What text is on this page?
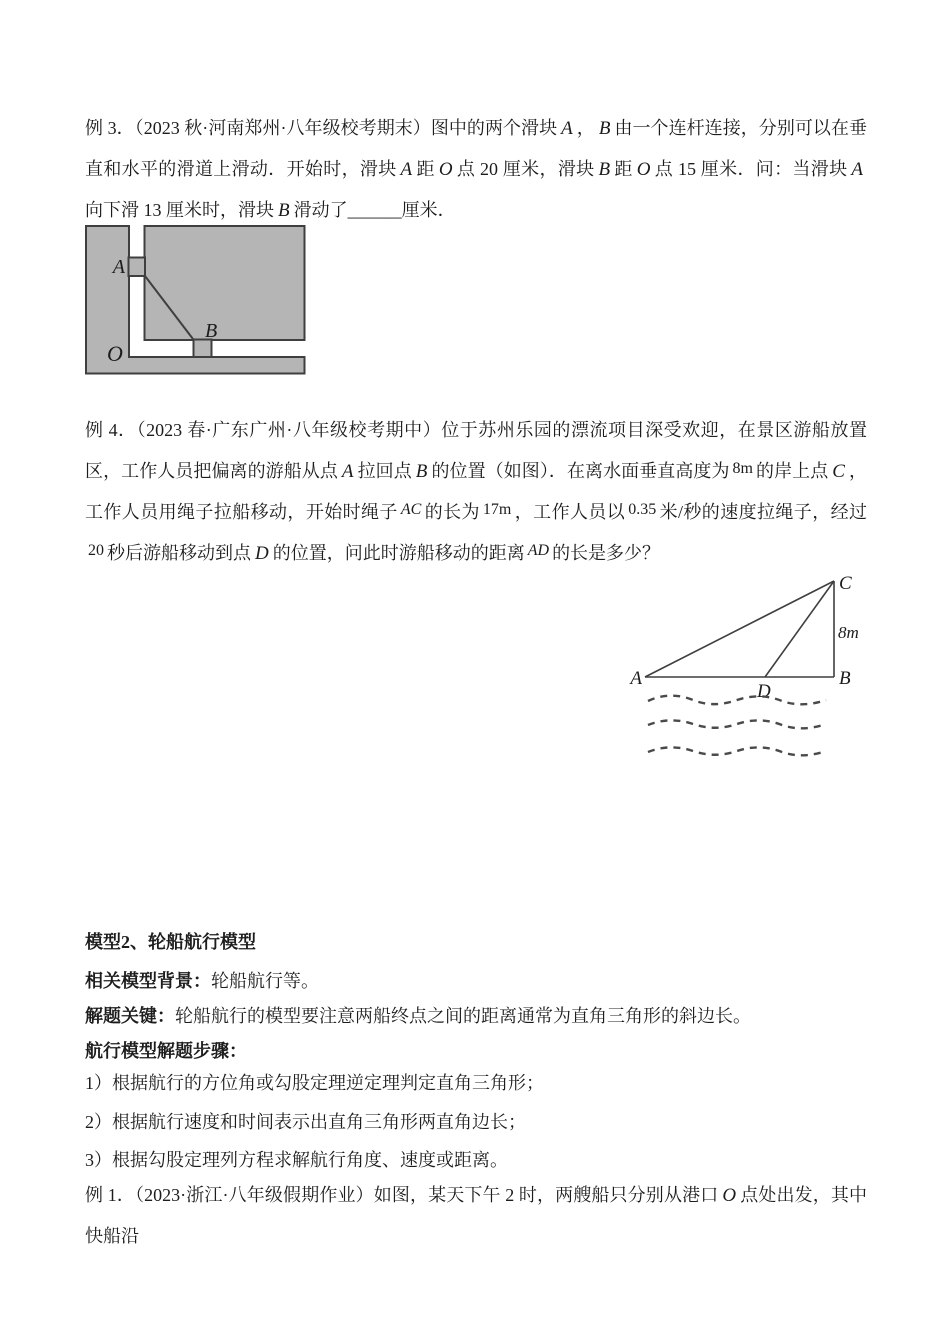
例 3．（2023 秋·河南郑州·八年级校考期末）图中的两个滑块 A ， B 由一个连杆连接，分别可以在垂直和水平的滑道上滑动．开始时，滑块 A 距 O 点 20 厘米，滑块 B 距 O 点 15 厘米．问：当滑块 A向下滑 13 厘米时，滑块 B 滑动了______厘米．
A
B
O
例 4．（2023 春·广东广州·八年级校考期中）位于苏州乐园的漂流项目深受欢迎，在景区游船放置区，工作人员把偏离的游船从点 A 拉回点 B 的位置（如图）．在离水面垂直高度为 8m 的岸上点 C ，工作人员用绳子拉船移动，开始时绳子 AC 的长为 17m ，工作人员以 0.35 米/秒的速度拉绳子，经过20 秒后游船移动到点 D 的位置，问此时游船移动的距离 AD 的长是多少？
A	B
C
D
8m
模型2、轮船航行模型
相关模型背景：轮船航行等。
解题关键：轮船航行的模型要注意两船终点之间的距离通常为直角三角形的斜边长。
航行模型解题步骤：
1）根据航行的方位角或勾股定理逆定理判定直角三角形；
2）根据航行速度和时间表示出直角三角形两直角边长；
3）根据勾股定理列方程求解航行角度、速度或距离。
例 1．（2023·浙江·八年级假期作业）如图，某天下午 2 时，两艘船只分别从港口 O 点处出发，其中快船沿
